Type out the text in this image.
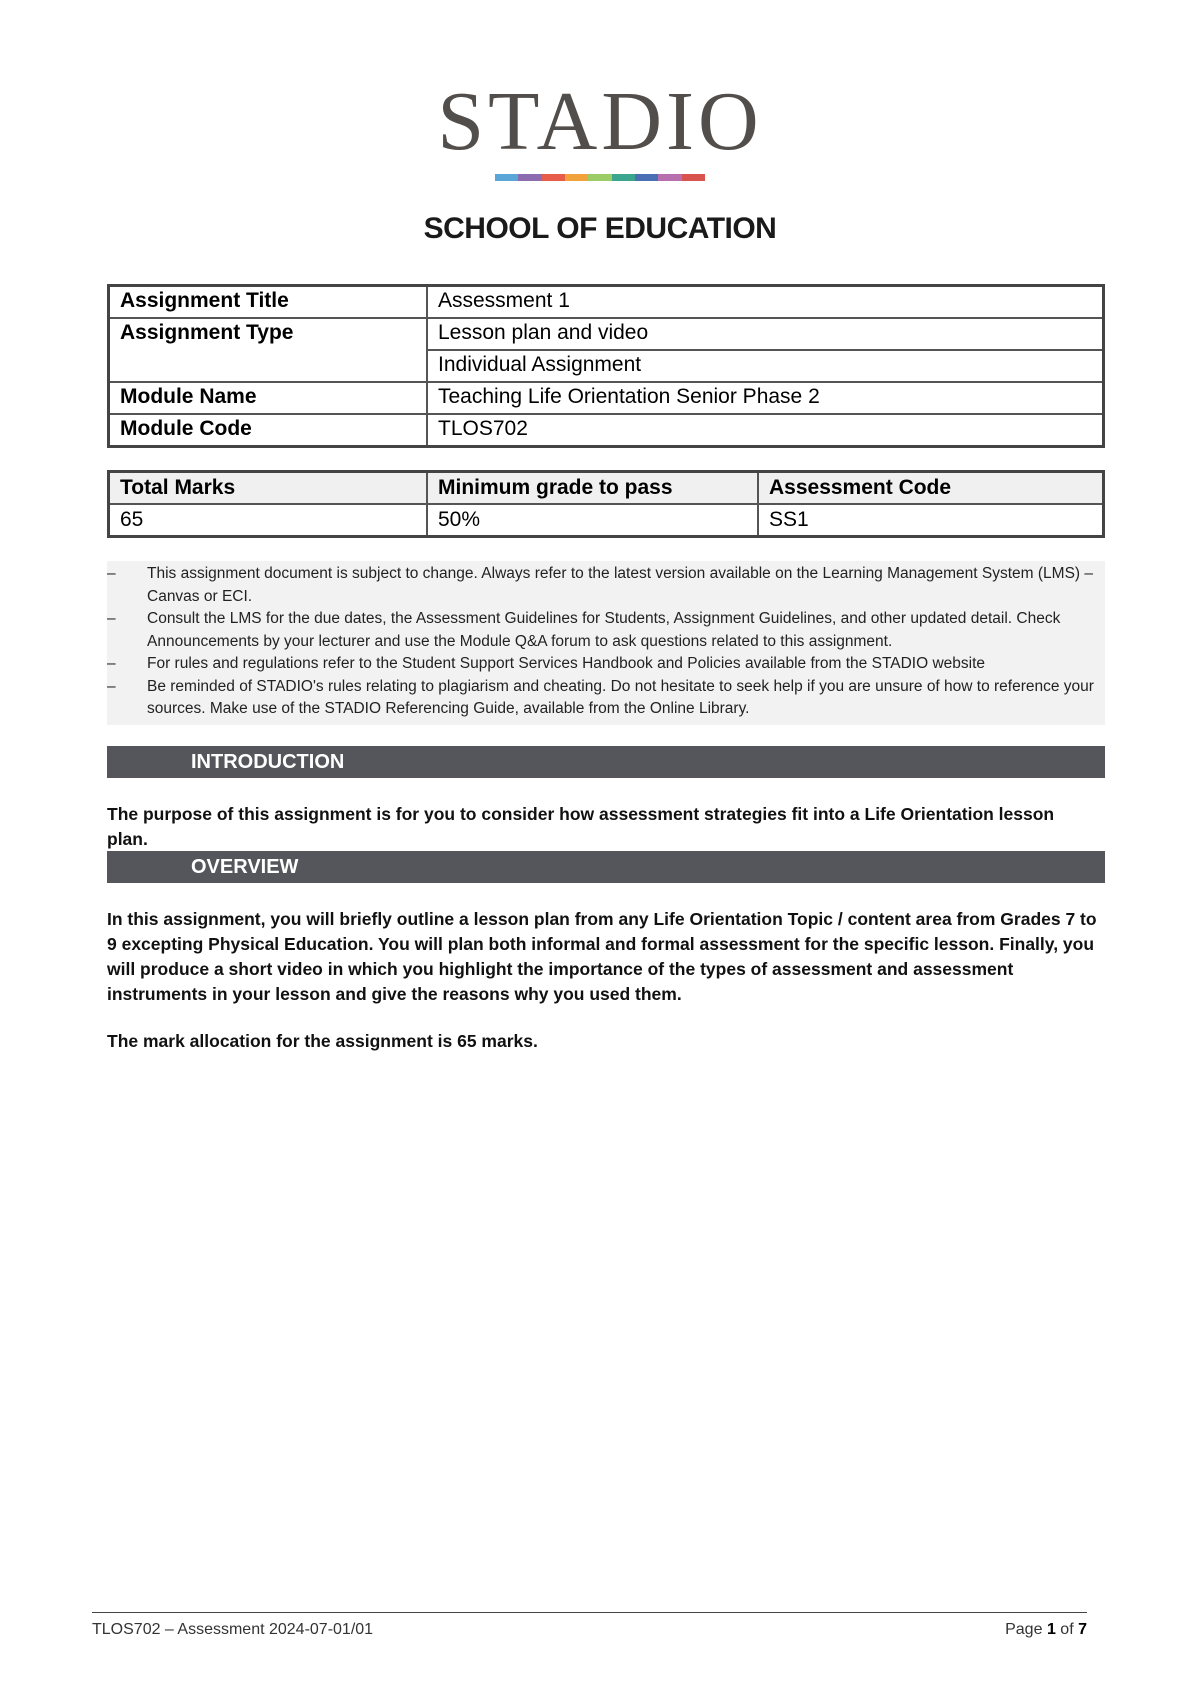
STADIO
SCHOOL OF EDUCATION
Assignment Title	Assessment 1
Assignment Type	Lesson plan and video
	Individual Assignment
Module Name	Teaching Life Orientation Senior Phase 2
Module Code	TLOS702
Total Marks	Minimum grade to pass	Assessment Code
65	50%	SS1
–	This assignment document is subject to change. Always refer to the latest version available on the Learning Management System (LMS) – Canvas or ECI.
–	Consult the LMS for the due dates, the Assessment Guidelines for Students, Assignment Guidelines, and other updated detail. Check Announcements by your lecturer and use the Module Q&A forum to ask questions related to this assignment.
–	For rules and regulations refer to the Student Support Services Handbook and Policies available from the STADIO website
–	Be reminded of STADIO's rules relating to plagiarism and cheating. Do not hesitate to seek help if you are unsure of how to reference your sources. Make use of the STADIO Referencing Guide, available from the Online Library.
INTRODUCTION
The purpose of this assignment is for you to consider how assessment strategies fit into a Life Orientation lesson plan.
OVERVIEW
In this assignment, you will briefly outline a lesson plan from any Life Orientation Topic / content area from Grades 7 to 9 excepting Physical Education. You will plan both informal and formal assessment for the specific lesson. Finally, you will produce a short video in which you highlight the importance of the types of assessment and assessment instruments in your lesson and give the reasons why you used them.
The mark allocation for the assignment is 65 marks.
TLOS702 – Assessment 2024-07-01/01	Page 1 of 7
